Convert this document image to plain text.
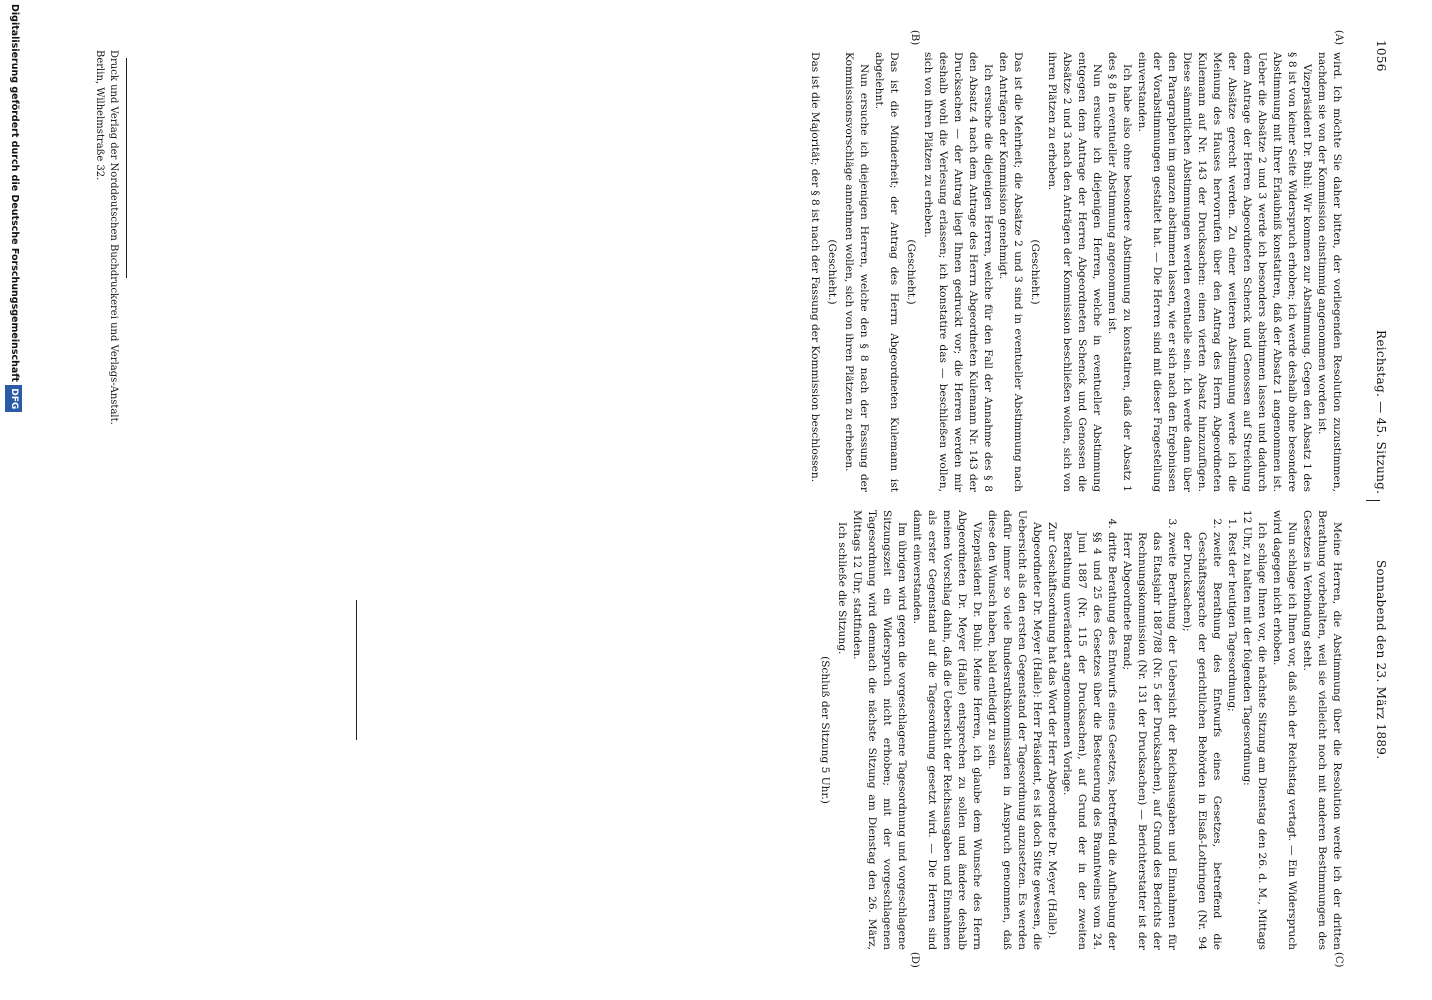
1056
Reichstag. — 45. Sitzung.
Sonnabend den 23. März 1889.
(A)
(B)
(C)
(D)

wird. Ich möchte Sie daher bitten, der vorliegenden Resolution zuzustimmen, nachdem sie von der Kommission einstimmig angenommen worden ist.

Vizepräsident Dr. Buhl: Wir kommen zur Abstimmung. Gegen den Absatz 1 des § 8 ist von keiner Seite Widerspruch erhoben; ich werde deshalb ohne besondere Abstimmung mit Ihrer Erlaubniß konstatiren, daß der Absatz 1 angenommen ist. Ueber die Absätze 2 und 3 werde ich besonders abstimmen lassen und dadurch dem Antrage der Herren Abgeordneten Schenck und Genossen auf Streichung der Absätze gerecht werden. Zu einer weiteren Abstimmung werde ich die Meinung des Hauses hervorrufen über den Antrag des Herrn Abgeordneten Kulemann auf Nr. 143 der Drucksachen: einen vierten Absatz hinzuzufügen. Diese sämmtlichen Abstimmungen werden eventuelle sein. Ich werde dann über den Paragraphen im ganzen abstimmen lassen, wie er sich nach den Ergebnissen der Vorabstimmungen gestaltet hat. — Die Herren sind mit dieser Fragestellung einverstanden.

Ich habe also ohne besondere Abstimmung zu konstatiren, daß der Absatz 1 des § 8 in eventueller Abstimmung angenommen ist.

Nun ersuche ich diejenigen Herren, welche in eventueller Abstimmung entgegen dem Antrage der Herren Abgeordneten Schenck und Genossen die Absätze 2 und 3 nach den Anträgen der Kommission beschließen wollen, sich von ihren Plätzen zu erheben.

(Geschieht.)

Das ist die Mehrheit; die Absätze 2 und 3 sind in eventueller Abstimmung nach den Anträgen der Kommission genehmigt.

Ich ersuche die diejenigen Herren, welche für den Fall der Annahme des § 8 den Absatz 4 nach dem Antrage des Herrn Abgeordneten Kulemann Nr. 143 der Drucksachen — der Antrag liegt Ihnen gedruckt vor; die Herren werden mir deshalb wohl die Verlesung erlassen; ich konstatire das — beschließen wollen, sich von ihren Plätzen zu erheben.

(Geschieht.)

Das ist die Minderheit; der Antrag des Herrn Abgeordneten Kulemann ist abgelehnt.

Nun ersuche ich diejenigen Herren, welche den § 8 nach der Fassung der Kommissionsvorschläge annehmen wollen, sich von ihren Plätzen zu erheben.

(Geschieht.)

Das ist die Majorität; der § 8 ist nach der Fassung der Kommission beschlossen.

Meine Herren, die Abstimmung über die Resolution werde ich der dritten Berathung vorbehalten, weil sie vielleicht noch mit anderen Bestimmungen des Gesetzes in Verbindung steht.

Nun schlage ich Ihnen vor, daß sich der Reichstag vertagt. — Ein Widerspruch wird dagegen nicht erhoben.

Ich schlage Ihnen vor, die nächste Sitzung am Dienstag den 26. d. M., Mittags 12 Uhr, zu halten mit der folgenden Tagesordnung:

1. Rest der heutigen Tagesordnung;
2. zweite Berathung des Entwurfs eines Gesetzes, betreffend die Geschäftssprache der gerichtlichen Behörden in Elsaß-Lothringen (Nr. 94 der Drucksachen);
3. zweite Berathung der Uebersicht der Reichsausgaben und Einnahmen für das Etatsjahr 1887/88 (Nr. 5 der Drucksachen), auf Grund des Berichts der Rechnungskommission (Nr. 131 der Drucksachen) — Berichterstatter ist der Herr Abgeordnete Brand;
4. dritte Berathung des Entwurfs eines Gesetzes, betreffend die Aufhebung der §§ 4 und 25 des Gesetzes über die Besteuerung des Branntweins vom 24. Juni 1887 (Nr. 115 der Drucksachen), auf Grund der in der zweiten Berathung unverändert angenommenen Vorlage.

Zur Geschäftsordnung hat das Wort der Herr Abgeordnete Dr. Meyer (Halle).

Abgeordneter Dr. Meyer (Halle): Herr Präsident, es ist doch Sitte gewesen, die Uebersicht als den ersten Gegenstand der Tagesordnung anzusetzen. Es werden dafür immer so viele Bundesrathskommissarien in Anspruch genommen, daß diese den Wunsch haben, bald entledigt zu sein.

Vizepräsident Dr. Buhl: Meine Herren, ich glaube dem Wunsche des Herrn Abgeordneten Dr. Meyer (Halle) entsprechen zu sollen und ändere deshalb meinen Vorschlag dahin, daß die Uebersicht der Reichsausgaben und Einnahmen als erster Gegenstand auf die Tagesordnung gesetzt wird. — Die Herren sind damit einverstanden.

Im übrigen wird gegen die vorgeschlagene Tagesordnung und vorgeschlagene Sitzungszeit ein Widerspruch nicht erhoben; mit der vorgeschlagenen Tagesordnung wird demnach die nächste Sitzung am Dienstag den 26. März, Mittags 12 Uhr, stattfinden.

Ich schließe die Sitzung.

(Schluß der Sitzung 5 Uhr.)

Druck und Verlag der Norddeutschen Buchdruckerei und Verlags-Anstalt.
Berlin, Wilhelmstraße 32.
Digitalisierung gefördert durch die Deutsche Forschungsgemeinschaft DFG
